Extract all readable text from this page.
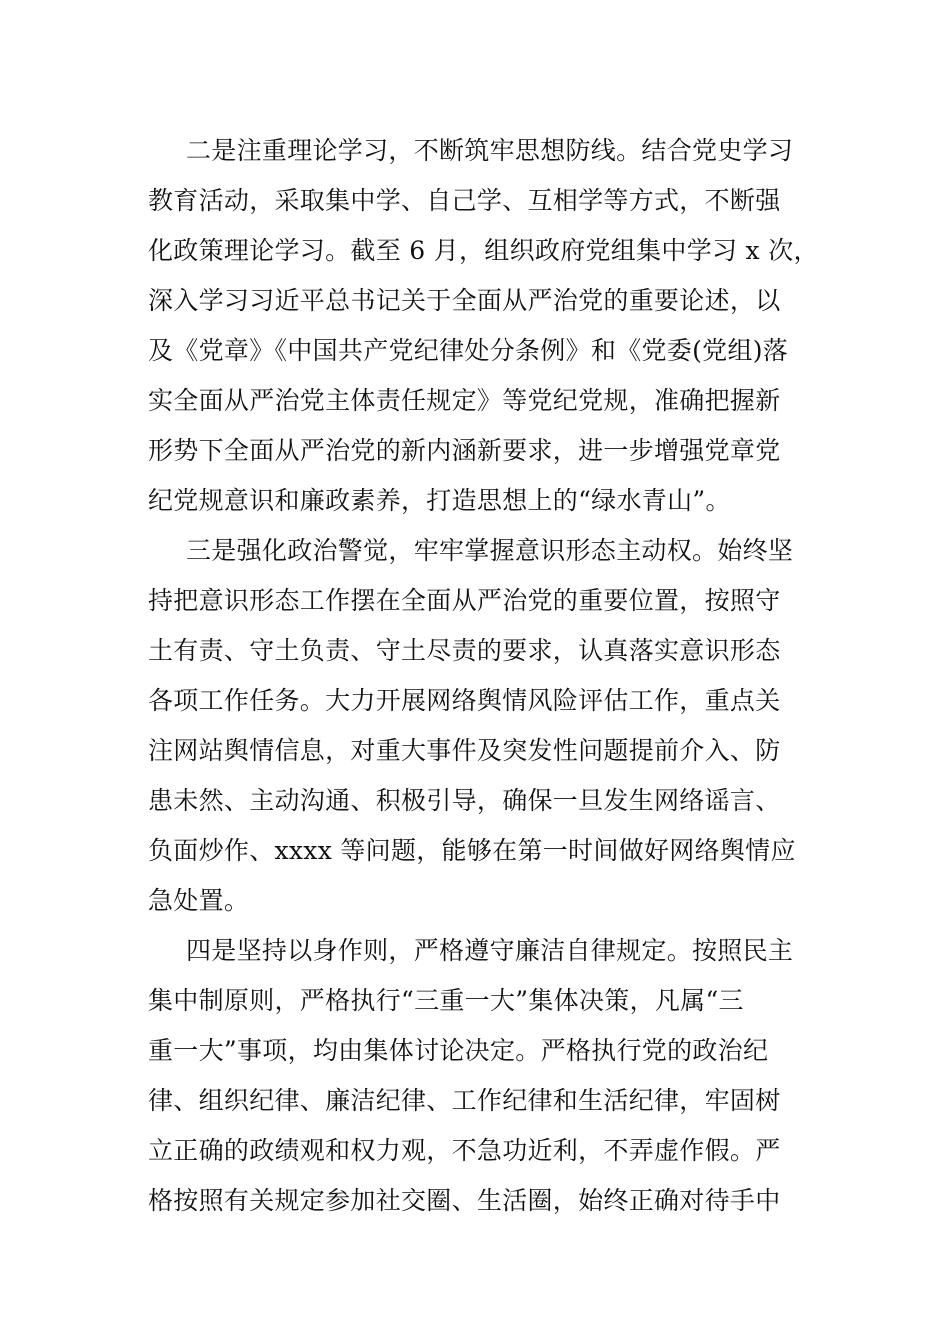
二是注重理论学习，不断筑牢思想防线。结合党史学习
教育活动，采取集中学、自己学、互相学等方式，不断强
化政策理论学习。截至 6 月，组织政府党组集中学习 x 次，
深入学习习近平总书记关于全面从严治党的重要论述，以
及《党章》《中国共产党纪律处分条例》和《党委(党组)落
实全面从严治党主体责任规定》等党纪党规，准确把握新
形势下全面从严治党的新内涵新要求，进一步增强党章党
纪党规意识和廉政素养，打造思想上的“绿水青山”。
三是强化政治警觉，牢牢掌握意识形态主动权。始终坚
持把意识形态工作摆在全面从严治党的重要位置，按照守
土有责、守土负责、守土尽责的要求，认真落实意识形态
各项工作任务。大力开展网络舆情风险评估工作，重点关
注网站舆情信息，对重大事件及突发性问题提前介入、防
患未然、主动沟通、积极引导，确保一旦发生网络谣言、
负面炒作、xxxx 等问题，能够在第一时间做好网络舆情应
急处置。
四是坚持以身作则，严格遵守廉洁自律规定。按照民主
集中制原则，严格执行“三重一大”集体决策，凡属“三
重一大”事项，均由集体讨论决定。严格执行党的政治纪
律、组织纪律、廉洁纪律、工作纪律和生活纪律，牢固树
立正确的政绩观和权力观，不急功近利，不弄虚作假。严
格按照有关规定参加社交圈、生活圈，始终正确对待手中
